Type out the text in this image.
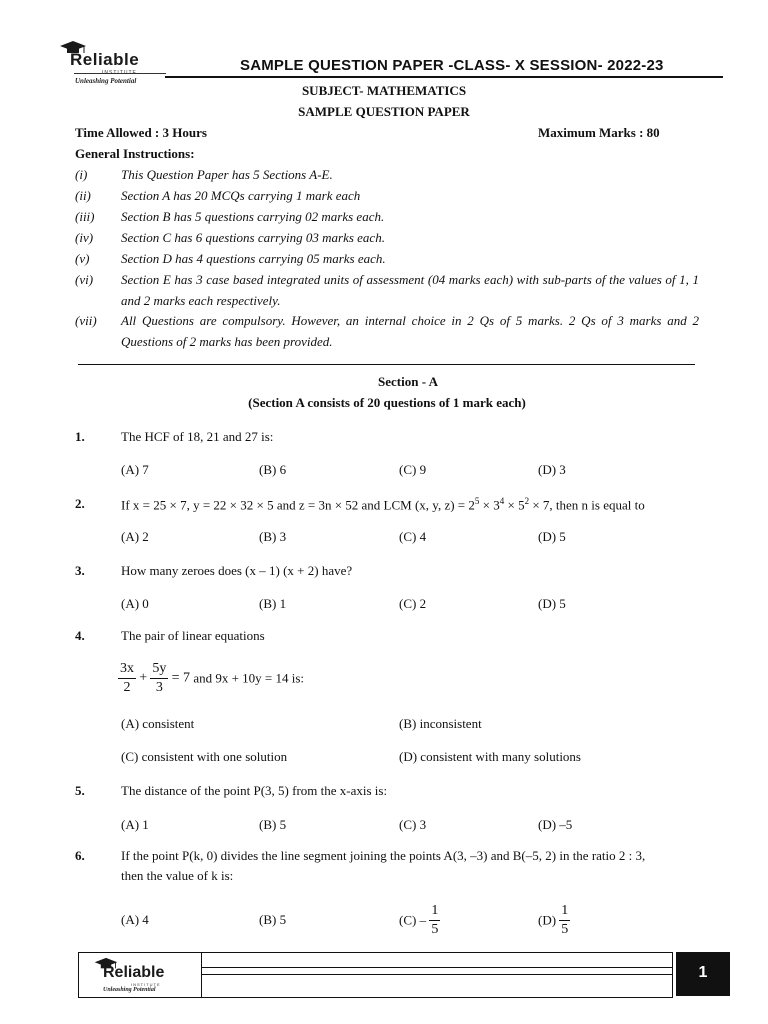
Reliable
INSTITUTE
Unleashing Potential
SAMPLE QUESTION PAPER -CLASS- X SESSION- 2022-23
SUBJECT- MATHEMATICS
SAMPLE QUESTION PAPER
Time Allowed : 3 Hours	Maximum Marks : 80
General Instructions:
(i)	This Question Paper has 5 Sections A-E.
(ii) Section A has 20 MCQs carrying 1 mark each
(iii) Section B has 5 questions carrying 02 marks each.
(iv) Section C has 6 questions carrying 03 marks each.
(v) Section D has 4 questions carrying 05 marks each.
(vi) Section E has 3 case based integrated units of assessment (04 marks each) with sub-parts of the values of 1, 1 and 2 marks each respectively.
(vii) All Questions are compulsory. However, an internal choice in 2 Qs of 5 marks. 2 Qs of 3 marks and 2 Questions of 2 marks has been provided.
Section - A
(Section A consists of 20 questions of 1 mark each)
1.	The HCF of 18, 21 and 27 is:
(A) 7	(B) 6	(C) 9	(D) 3
2.	If x = 25 × 7, y = 22 × 32 × 5 and z = 3n × 52 and LCM (x, y, $z) = 2^5 \times 3^4 \times 5^2 \times 7$, then n is equal to
(A) 2	(B) 3	(C) 4	(D) 5
3.	How many zeroes does (x – 1) (x + 2) have?
(A) 0	(B) 1	(C) 2	(D) 5
4.	The pair of linear equations
$\frac{3x}{2} + \frac{5y}{3} = 7$ and 9x + 10y = 14 is:
(A) consistent	(B) inconsistent
(C) consistent with one solution	(D) consistent with many solutions
5.	The distance of the point P(3, 5) from the x-axis is:
(A) 1	(B) 5	(C) 3	(D) –5
6.	If the point P(k, 0) divides the line segment joining the points A(3, –3) and B(–5, 2) in the ratio 2 : 3,
then the value of k is:
(A) 4	(B) 5	$(C) - \frac{1}{5}$	$(D) \frac{1}{5}$
Reliable
INSTITUTE
Unleashing Potential
1
